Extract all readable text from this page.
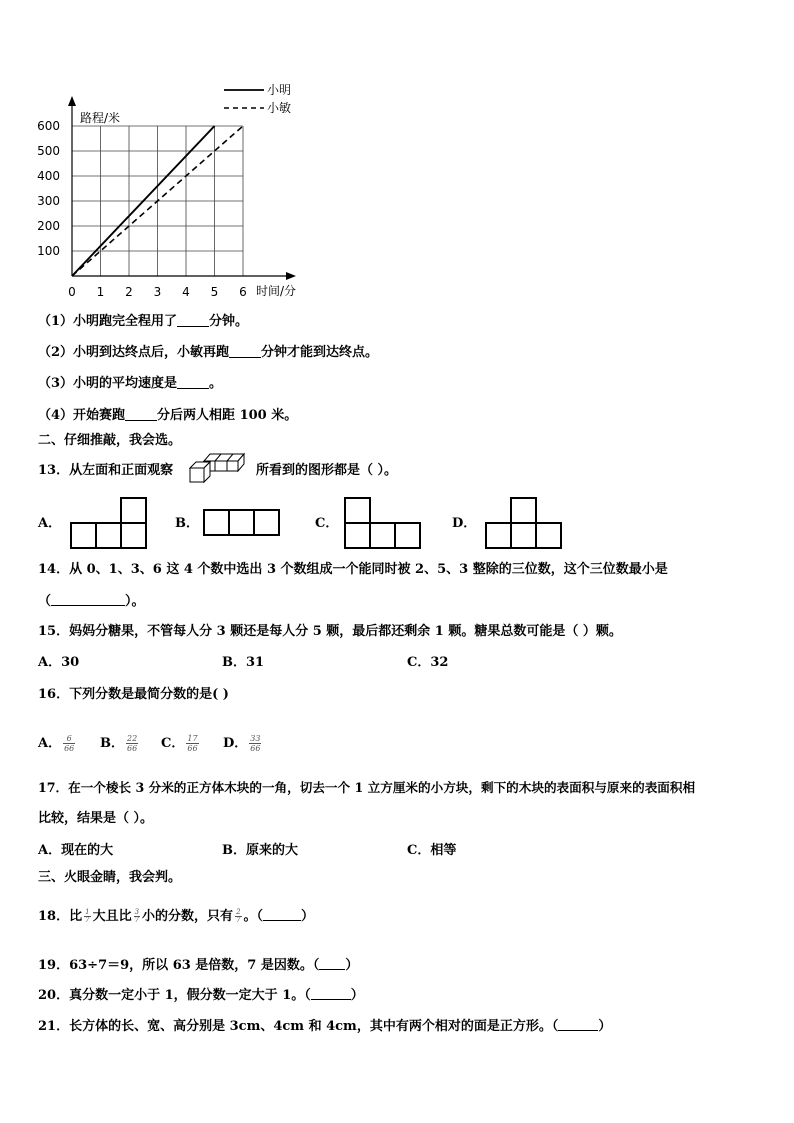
0 1 2 3 4 5 6
100
200
300
400
500
600
路程/米
时间/分
小明
小敏
（1）小明跑完全程用了 分钟。
（2）小明到达终点后，小敏再跑 分钟才能到达终点。
（3）小明的平均速度是 。
（4）开始赛跑 分后两人相距 100 米。
二、仔细推敲，我会选。
13．从左面和正面观察	所看到的图形都是（ ）。
A．	B．	C．	D．
14．从 0、1、3、6 这 4 个数中选出 3 个数组成一个能同时被 2、5、3 整除的三位数，这个三位数最小是
（	）。
15．妈妈分糖果，不管每人分 3 颗还是每人分 5 颗，最后都还剩余 1 颗。糖果总数可能是（ ）颗。
A．30	B．31	C．32
16．下列分数是最简分数的是( )
A． $\frac{6}{66}$ B． $\frac{22}{66}$ C． $\frac{17}{66}$ D． $\frac{33}{66}$
17．在一个棱长 3 分米的正方体木块的一角，切去一个 1 立方厘米的小方块，剩下的木块的表面积与原来的表面积相
比较，结果是（ ）。
A．现在的大	B．原来的大	C．相等
三、火眼金睛，我会判。
18．比 $\frac{1}{7}$ 大且比 $\frac{3}{7}$ 小的分数，只有 $\frac{2}{7}$ 。（	）
19．63÷7＝9，所以 63 是倍数，7 是因数。（ ）
20．真分数一定小于 1，假分数一定大于 1。（	）
21．长方体的长、宽、高分别是 3cm、4cm 和 4cm，其中有两个相对的面是正方形。（	）
